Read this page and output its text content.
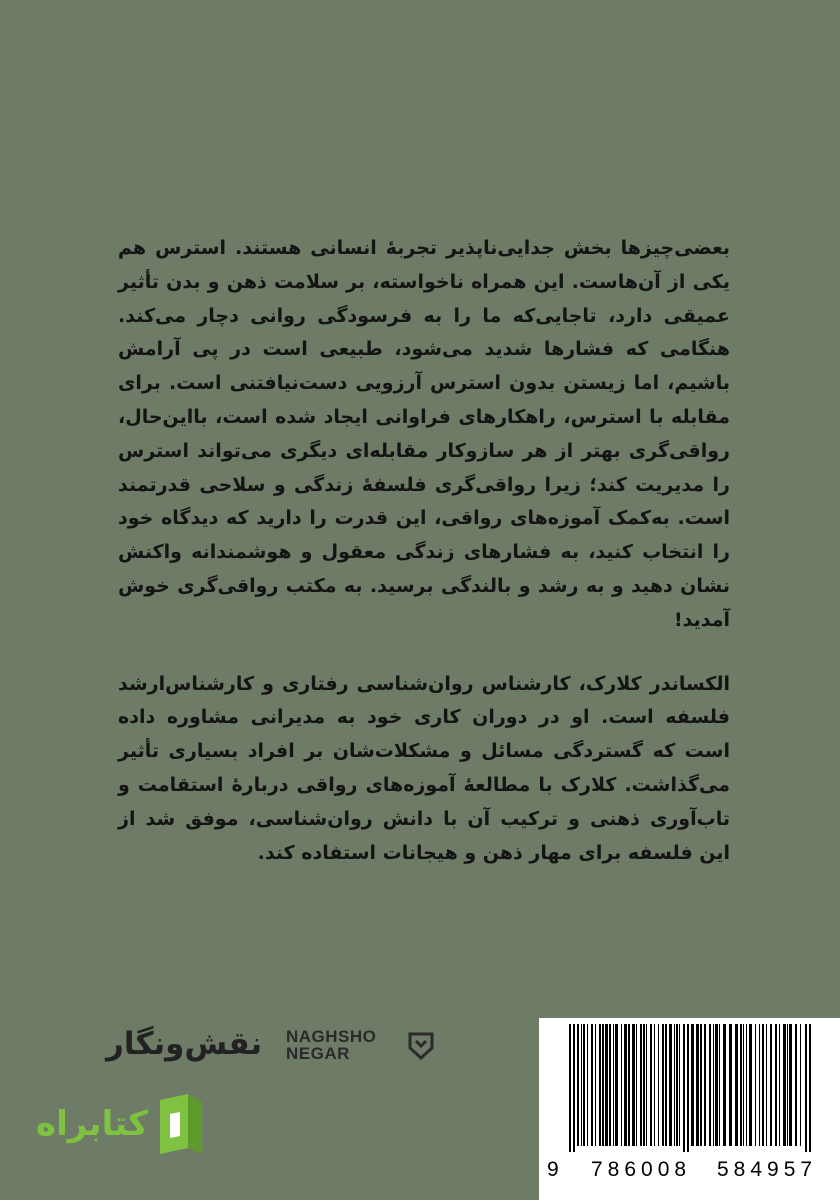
بعضی‌چیزها بخش جدایی‌ناپذیر تجربهٔ انسانی هستند. استرس هم یکی از آن‌هاست. این همراه ناخواسته، بر سلامت ذهن و بدن تأثیر عمیقی دارد، تاجایی‌که ما را به فرسودگی روانی دچار می‌کند. هنگامی که فشارها شدید می‌شود، طبیعی است در پی آرامش باشیم، اما زیستن بدون استرس آرزویی دست‌نیافتنی است. برای مقابله با استرس، راهکارهای فراوانی ایجاد شده است، بااین‌حال، رواقی‌گری بهتر از هر سازوکار مقابله‌ای دیگری می‌تواند استرس را مدیریت کند؛ زیرا رواقی‌گری فلسفهٔ زندگی و سلاحی قدرتمند است. به‌کمک آموزه‌های رواقی، این قدرت را دارید که دیدگاه خود را انتخاب کنید، به فشارهای زندگی معقول و هوشمندانه واکنش نشان دهید و به رشد و بالندگی برسید. به مکتب رواقی‌گری خوش آمدید!

الکساندر کلارک، کارشناس روان‌شناسی رفتاری و کارشناس‌ارشد فلسفه است. او در دوران کاری خود به مدیرانی مشاوره داده است که گستردگی مسائل و مشکلات‌شان بر افراد بسیاری تأثیر می‌گذاشت. کلارک با مطالعهٔ آموزه‌های رواقی دربارهٔ استقامت و تاب‌آوری ذهنی و ترکیب آن با دانش روان‌شناسی، موفق شد از این فلسفه برای مهار ذهن و هیجانات استفاده کند.

نقش‌ونگار NAGHSHO
NEGAR
کتابراه
9 786008 584957
